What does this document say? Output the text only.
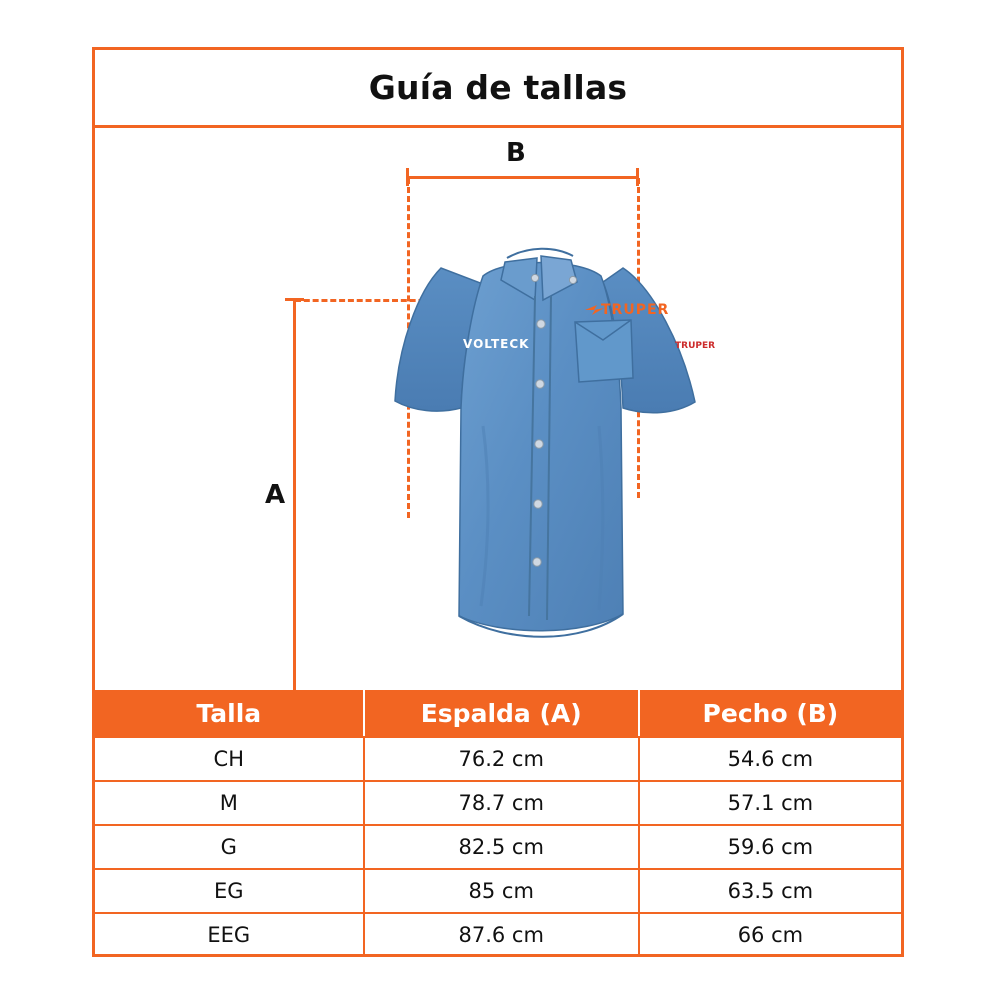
Guía de tallas
B
A
VOLTECK
TRUPER
TRUPER
Talla	Espalda (A)	Pecho (B)
CH	76.2 cm	54.6 cm
M	78.7 cm	57.1 cm
G	82.5 cm	59.6 cm
EG	85 cm	63.5 cm
EEG	87.6 cm	66 cm
